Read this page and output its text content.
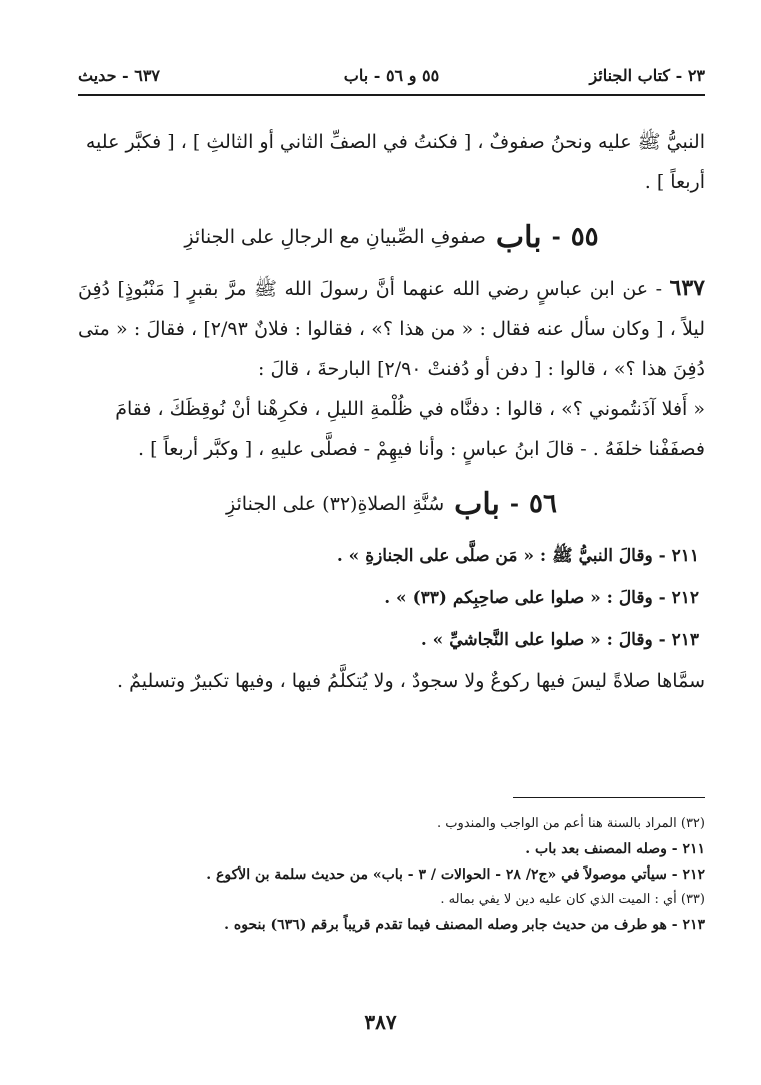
٢٣ - كتاب الجنائز
٥٥ و ٥٦ - باب
٦٣٧ - حديث

النبيُّ ﷺ عليه ونحنُ صفوفٌ ، [ فكنتُ في الصفِّ الثاني أو الثالثِ ] ، [ فكبَّر عليه أربعاً ] .

٥٥
-
باب
صفوفِ الصِّبيانِ مع الرجالِ على الجنائزِ

٦٣٧ - عن ابن عباسٍ رضي الله عنهما أنَّ رسولَ الله ﷺ مرَّ بقبرٍ [ مَنْبُوذٍ] دُفِنَ ليلاً ، [ وكان سأل عنه فقال : « من هذا ؟» ، فقالوا : فلانٌ ٢/٩٣] ، فقالَ : « متى دُفِنَ هذا ؟» ، قالوا : [ دفن أو دُفنتْ ٢/٩٠] البارحةَ ، قالَ :

« أَفلا آذَنتُموني ؟» ، قالوا : دفنَّاه في ظُلْمةِ الليلِ ، فكرِهْنا أنْ نُوقِظَكَ ، فقامَ فصفَفْنا خلفَهُ . - قالَ ابنُ عباسٍ : وأنا فيهِمْ - فصلَّى عليهِ ، [ وكبَّر أربعاً ] .

٥٦
-
باب
سُنَّةِ الصلاةِ(٣٢) على الجنائزِ

٢١١ - وقالَ النبيُّ ﷺ : « مَن صلَّى على الجنازةِ » .

٢١٢ - وقالَ : « صلوا على صاحِبِكم (٣٣) » .

٢١٣ - وقالَ : « صلوا على النَّجاشيِّ » .

سمَّاها صلاةً ليسَ فيها ركوعٌ ولا سجودٌ ، ولا يُتكلَّمُ فيها ، وفيها تكبيرٌ وتسليمٌ .

(٣٢) المراد بالسنة هنا أعم من الواجب والمندوب .

٢١١ - وصله المصنف بعد باب .

٢١٢ - سيأتي موصولاً في «ج٢/ ٢٨ - الحوالات / ٣ - باب» من حديث سلمة بن الأكوع .

(٣٣) أي : الميت الذي كان عليه دين لا يفي بماله .

٢١٣ - هو طرف من حديث جابر وصله المصنف فيما تقدم قريباً برقم (٦٣٦) بنحوه .

٣٨٧
